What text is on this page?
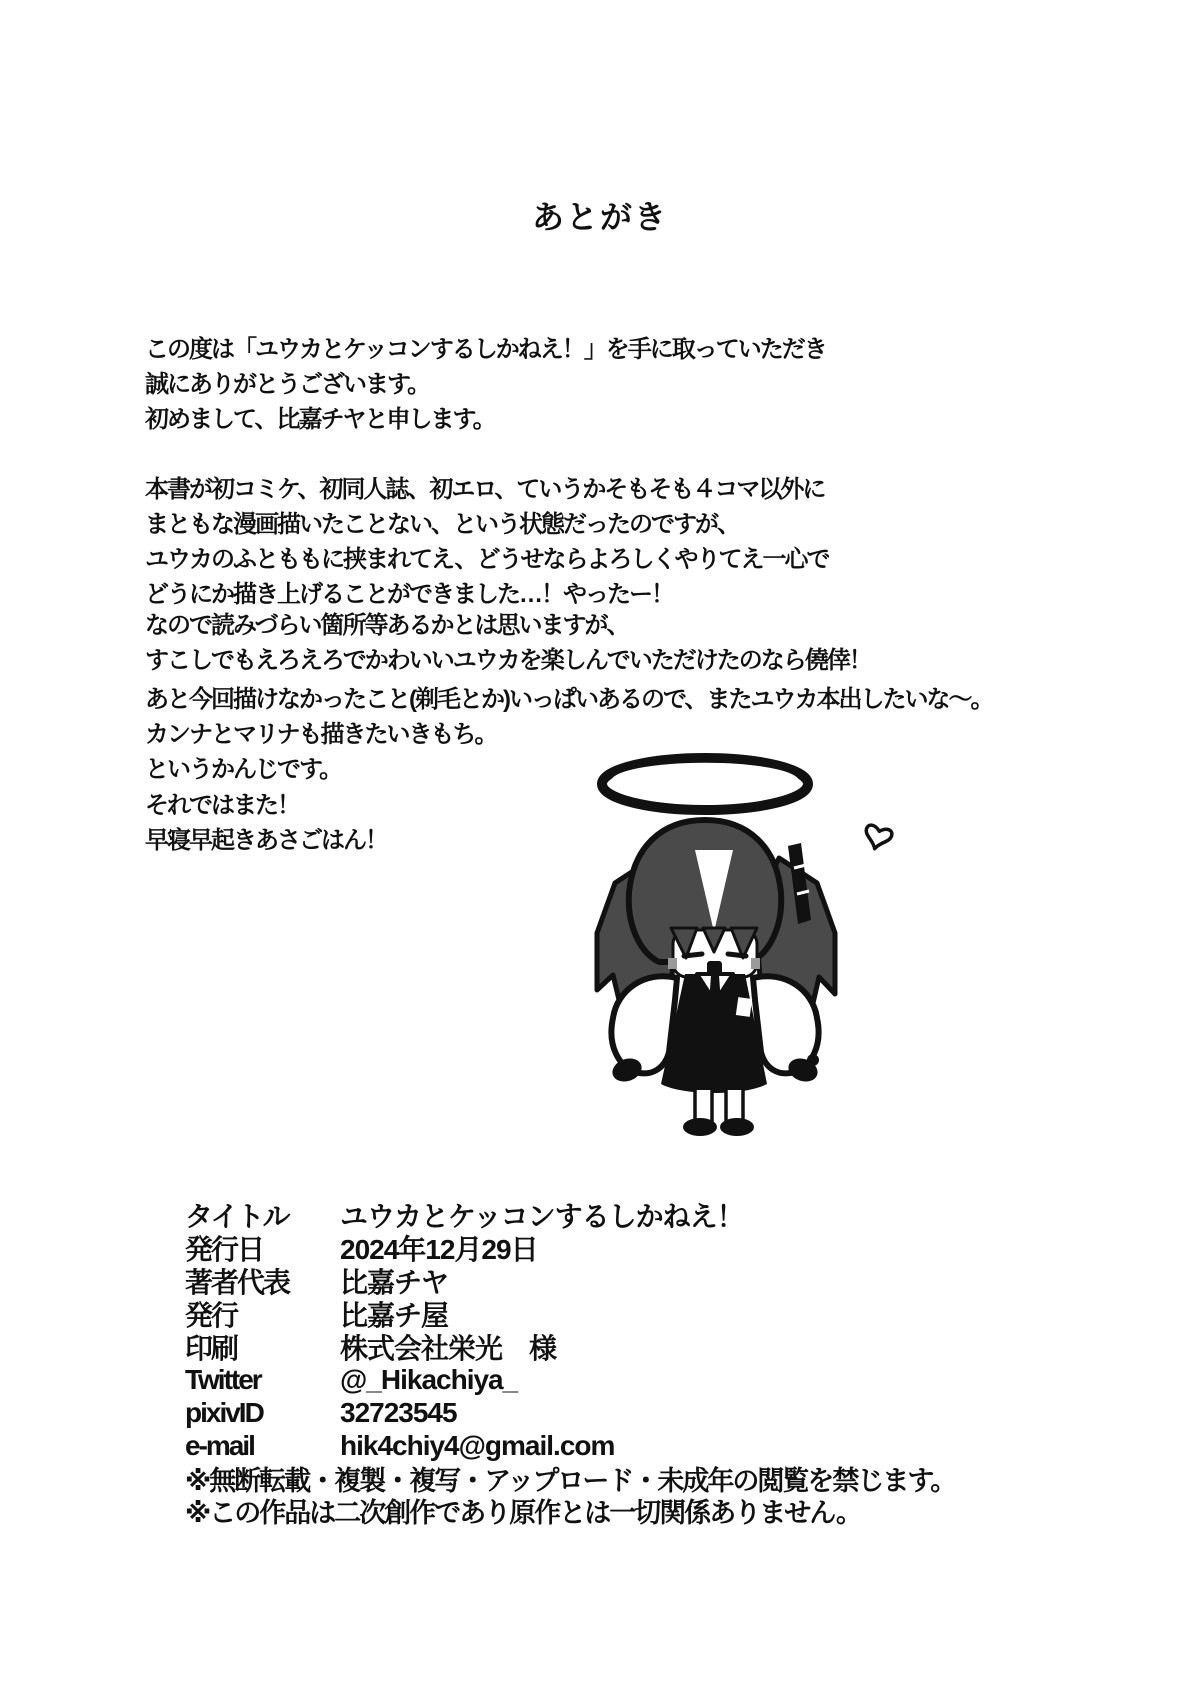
あとがき
この度は「ユウカとケッコンするしかねえ！」を手に取っていただき
誠にありがとうございます。
初めまして、比嘉チヤと申します。
本書が初コミケ、初同人誌、初エロ、ていうかそもそも４コマ以外に
まともな漫画描いたことない、という状態だったのですが、
ユウカのふとももに挟まれてえ、どうせならよろしくやりてえ一心で
どうにか描き上げることができました…！やったー！
なので読みづらい箇所等あるかとは思いますが、
すこしでもえろえろでかわいいユウカを楽しんでいただけたのなら僥倖！
あと今回描けなかったこと(剃毛とか)いっぱいあるので、またユウカ本出したいな～。
カンナとマリナも描きたいきもち。
というかんじです。
それではまた！
早寝早起きあさごはん！
タイトル	ユウカとケッコンするしかねえ！
発行日	2024年12月29日
著者代表	比嘉チヤ
発行	比嘉チ屋
印刷	株式会社栄光　様
Twitter	@_Hikachiya_
pixivID	32723545
e-mail	hik4chiy4@gmail.com
※無断転載・複製・複写・アップロード・未成年の閲覧を禁じます。
※この作品は二次創作であり原作とは一切関係ありません。
